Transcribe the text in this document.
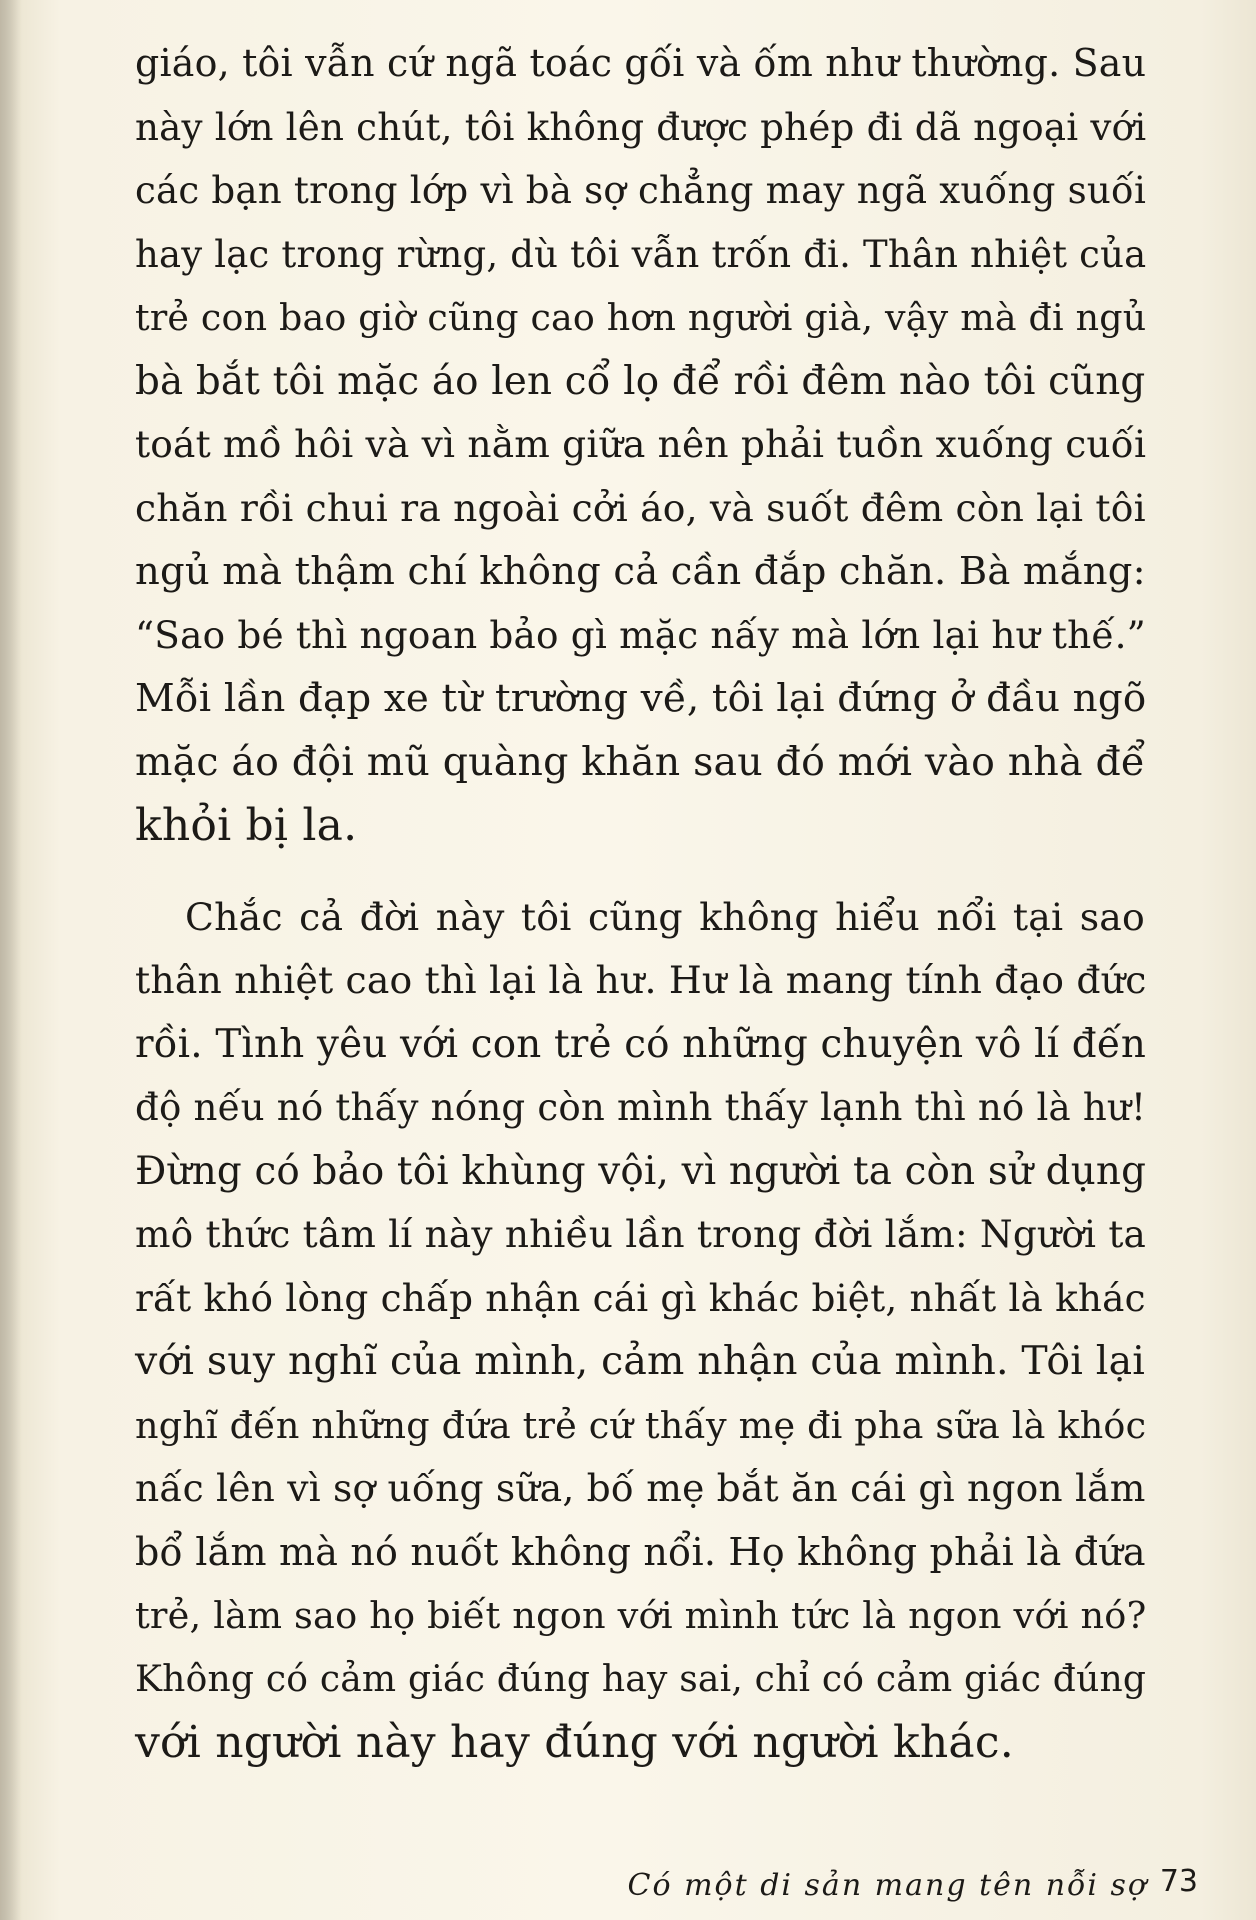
giáo, tôi vẫn cứ ngã toác gối và ốm như thường. Sau
này lớn lên chút, tôi không được phép đi dã ngoại với
các bạn trong lớp vì bà sợ chẳng may ngã xuống suối
hay lạc trong rừng, dù tôi vẫn trốn đi. Thân nhiệt của
trẻ con bao giờ cũng cao hơn người già, vậy mà đi ngủ
bà bắt tôi mặc áo len cổ lọ để rồi đêm nào tôi cũng
toát mồ hôi và vì nằm giữa nên phải tuồn xuống cuối
chăn rồi chui ra ngoài cởi áo, và suốt đêm còn lại tôi
ngủ mà thậm chí không cả cần đắp chăn. Bà mắng:
“Sao bé thì ngoan bảo gì mặc nấy mà lớn lại hư thế.”
Mỗi lần đạp xe từ trường về, tôi lại đứng ở đầu ngõ
mặc áo đội mũ quàng khăn sau đó mới vào nhà để
khỏi bị la.
Chắc cả đời này tôi cũng không hiểu nổi tại sao
thân nhiệt cao thì lại là hư. Hư là mang tính đạo đức
rồi. Tình yêu với con trẻ có những chuyện vô lí đến
độ nếu nó thấy nóng còn mình thấy lạnh thì nó là hư!
Đừng có bảo tôi khùng vội, vì người ta còn sử dụng
mô thức tâm lí này nhiều lần trong đời lắm: Người ta
rất khó lòng chấp nhận cái gì khác biệt, nhất là khác
với suy nghĩ của mình, cảm nhận của mình. Tôi lại
nghĩ đến những đứa trẻ cứ thấy mẹ đi pha sữa là khóc
nấc lên vì sợ uống sữa, bố mẹ bắt ăn cái gì ngon lắm
bổ lắm mà nó nuốt không nổi. Họ không phải là đứa
trẻ, làm sao họ biết ngon với mình tức là ngon với nó?
Không có cảm giác đúng hay sai, chỉ có cảm giác đúng
với người này hay đúng với người khác.
Có một di sản mang tên nỗi sợ 73
